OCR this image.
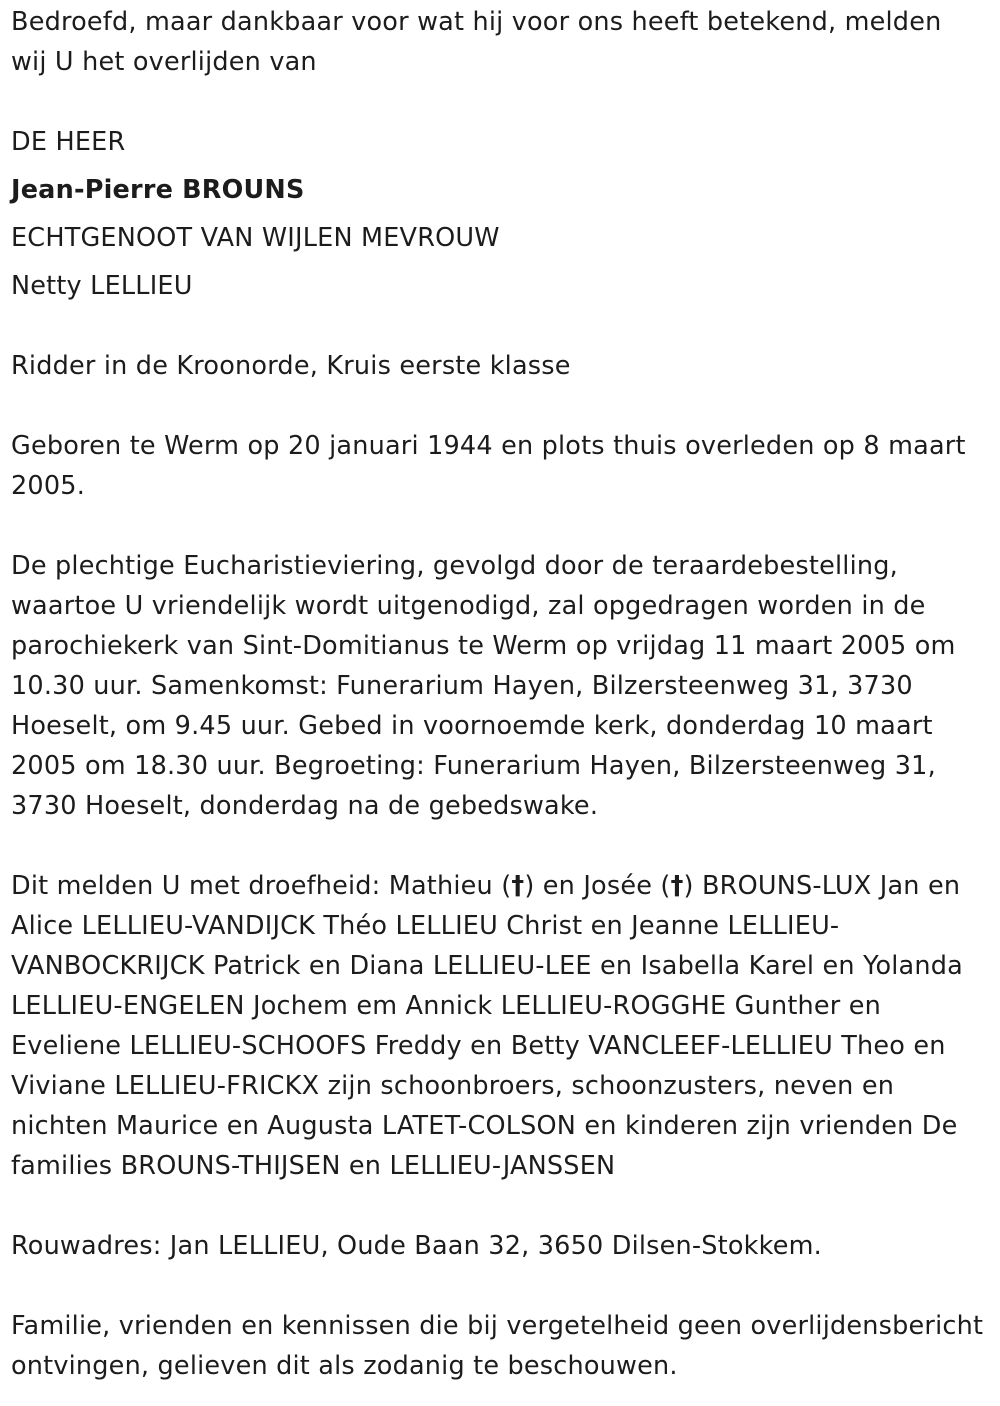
Bedroefd, maar dankbaar voor wat hij voor ons heeft betekend, melden wij U het overlijden van

DE HEER

Jean-Pierre BROUNS

ECHTGENOOT VAN WIJLEN MEVROUW

Netty LELLIEU

Ridder in de Kroonorde, Kruis eerste klasse

Geboren te Werm op 20 januari 1944 en plots thuis overleden op 8 maart 2005.

De plechtige Eucharistieviering, gevolgd door de teraardebestelling, waartoe U vriendelijk wordt uitgenodigd, zal opgedragen worden in de parochiekerk van Sint-Domitianus te Werm op vrijdag 11 maart 2005 om 10.30 uur. Samenkomst: Funerarium Hayen, Bilzersteenweg 31, 3730 Hoeselt, om 9.45 uur. Gebed in voornoemde kerk, donderdag 10 maart 2005 om 18.30 uur. Begroeting: Funerarium Hayen, Bilzersteenweg 31, 3730 Hoeselt, donderdag na de gebedswake.

Dit melden U met droefheid: Mathieu (†) en Josée (†) BROUNS-LUX Jan en Alice LELLIEU-VANDIJCK Théo LELLIEU Christ en Jeanne LELLIEU-VANBOCKRIJCK Patrick en Diana LELLIEU-LEE en Isabella Karel en Yolanda LELLIEU-ENGELEN Jochem em Annick LELLIEU-ROGGHE Gunther en Eveliene LELLIEU-SCHOOFS Freddy en Betty VANCLEEF-LELLIEU Theo en Viviane LELLIEU-FRICKX zijn schoonbroers, schoonzusters, neven en nichten Maurice en Augusta LATET-COLSON en kinderen zijn vrienden De families BROUNS-THIJSEN en LELLIEU-JANSSEN

Rouwadres: Jan LELLIEU, Oude Baan 32, 3650 Dilsen-Stokkem.

Familie, vrienden en kennissen die bij vergetelheid geen overlijdensbericht ontvingen, gelieven dit als zodanig te beschouwen.
